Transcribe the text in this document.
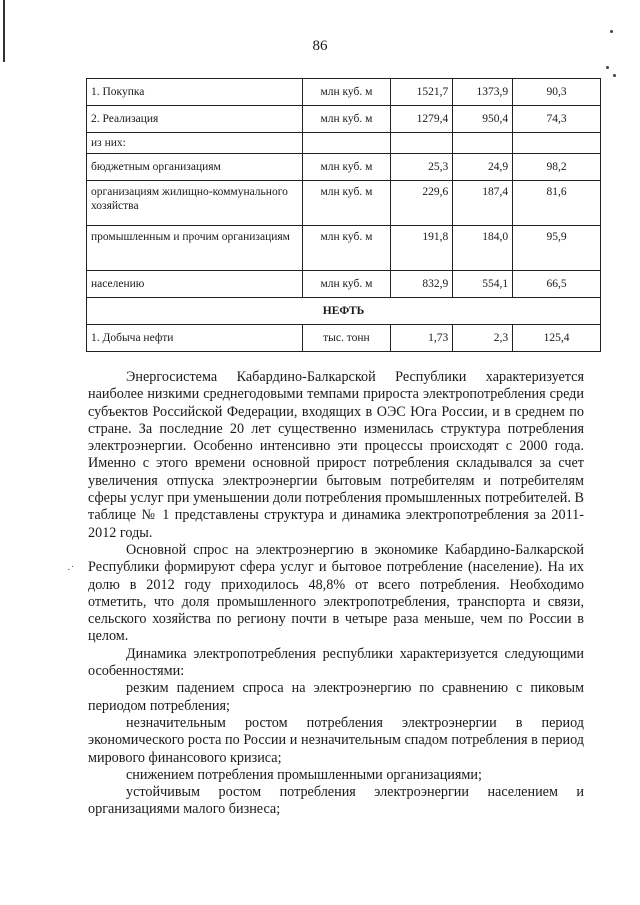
86
1. Покупка	млн куб. м	1521,7	1373,9	90,3
2. Реализация	млн куб. м	1279,4	950,4	74,3
из них:				
бюджетным организациям	млн куб. м	25,3	24,9	98,2
организациям жилищно-коммунального хозяйства	млн куб. м	229,6	187,4	81,6
промышленным и прочим организациям	млн куб. м	191,8	184,0	95,9
населению	млн куб. м	832,9	554,1	66,5
НЕФТЬ				
1. Добыча нефти	тыс. тонн	1,73	2,3	125,4
·˙

Энергосистема Кабардино-Балкарской Республики характеризуется наиболее низкими среднегодовыми темпами прироста электропотребления среди субъектов Российской Федерации, входящих в ОЭС Юга России, и в среднем по стране. За последние 20 лет существенно изменилась структура потребления электроэнергии. Особенно интенсивно эти процессы происходят с 2000 года. Именно с этого времени основной прирост потребления складывался за счет увеличения отпуска электроэнергии бытовым потребителям и потребителям сферы услуг при уменьшении доли потребления промышленных потребителей. В таблице № 1 представлены структура и динамика электропотребления за 2011-2012 годы.

Основной спрос на электроэнергию в экономике Кабардино-Балкарской Республики формируют сфера услуг и бытовое потребление (население). На их долю в 2012 году приходилось 48,8% от всего потребления. Необходимо отметить, что доля промышленного электропотребления, транспорта и связи, сельского хозяйства по региону почти в четыре раза меньше, чем по России в целом.

Динамика электропотребления республики характеризуется следующими особенностями:

резким падением спроса на электроэнергию по сравнению с пиковым периодом потребления;

незначительным ростом потребления электроэнергии в период экономического роста по России и незначительным спадом потребления в период мирового финансового кризиса;

снижением потребления промышленными организациями;

устойчивым ростом потребления электроэнергии населением и организациями малого бизнеса;
